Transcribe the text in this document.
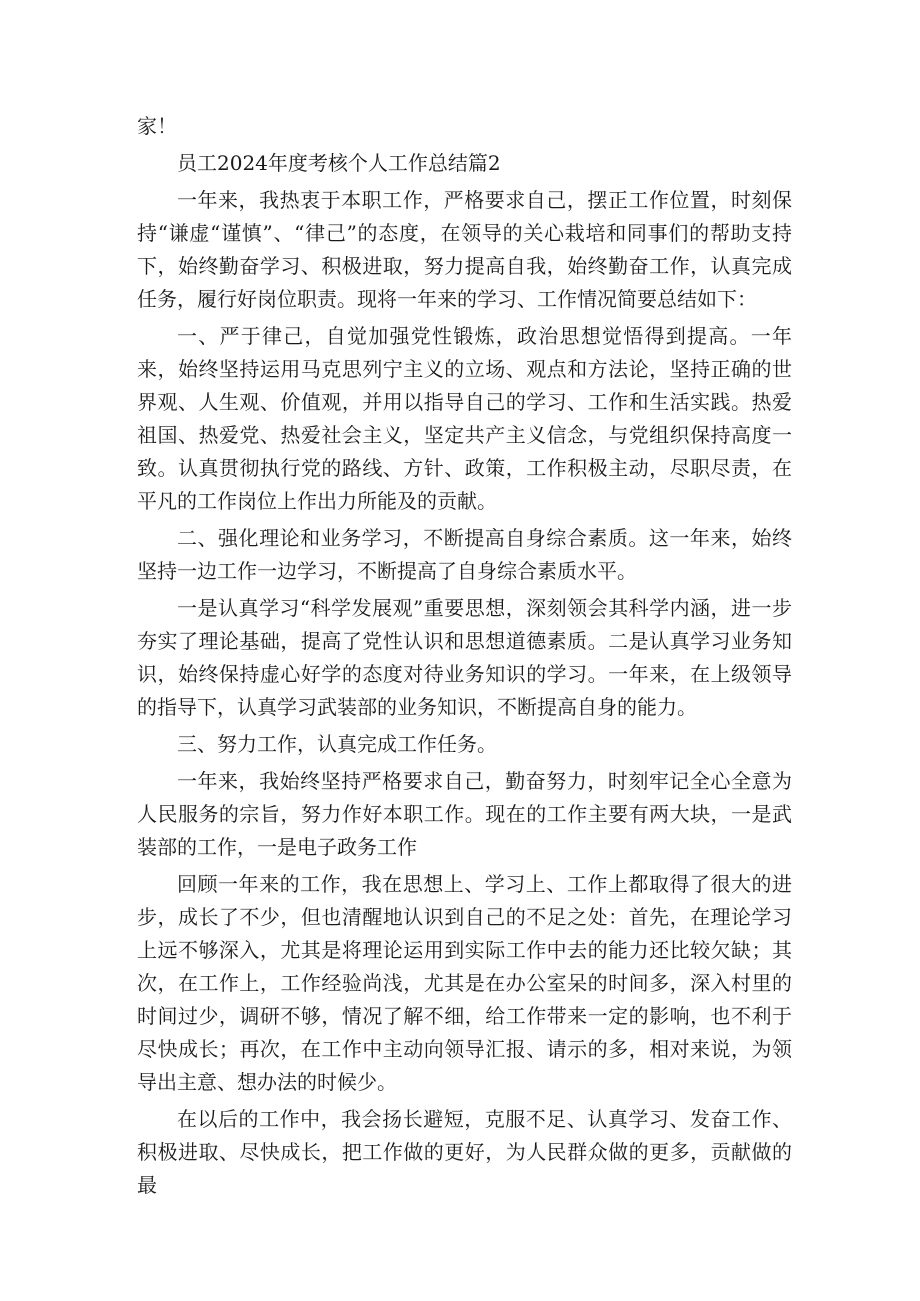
家！

员工2024年度考核个人工作总结篇2

一年来，我热衷于本职工作，严格要求自己，摆正工作位置，时刻保持“谦虚“谨慎”、“律己”的态度，在领导的关心栽培和同事们的帮助支持下，始终勤奋学习、积极进取，努力提高自我，始终勤奋工作，认真完成任务，履行好岗位职责。现将一年来的学习、工作情况简要总结如下：

一、严于律己，自觉加强党性锻炼，政治思想觉悟得到提高。一年来，始终坚持运用马克思列宁主义的立场、观点和方法论，坚持正确的世界观、人生观、价值观，并用以指导自己的学习、工作和生活实践。热爱祖国、热爱党、热爱社会主义，坚定共产主义信念，与党组织保持高度一致。认真贯彻执行党的路线、方针、政策，工作积极主动，尽职尽责，在平凡的工作岗位上作出力所能及的贡献。

二、强化理论和业务学习，不断提高自身综合素质。这一年来，始终坚持一边工作一边学习，不断提高了自身综合素质水平。

一是认真学习“科学发展观”重要思想，深刻领会其科学内涵，进一步夯实了理论基础，提高了党性认识和思想道德素质。二是认真学习业务知识，始终保持虚心好学的态度对待业务知识的学习。一年来，在上级领导的指导下，认真学习武装部的业务知识，不断提高自身的能力。

三、努力工作，认真完成工作任务。

一年来，我始终坚持严格要求自己，勤奋努力，时刻牢记全心全意为人民服务的宗旨，努力作好本职工作。现在的工作主要有两大块，一是武装部的工作，一是电子政务工作

回顾一年来的工作，我在思想上、学习上、工作上都取得了很大的进步，成长了不少，但也清醒地认识到自己的不足之处：首先，在理论学习上远不够深入，尤其是将理论运用到实际工作中去的能力还比较欠缺；其次，在工作上，工作经验尚浅，尤其是在办公室呆的时间多，深入村里的时间过少，调研不够，情况了解不细，给工作带来一定的影响，也不利于尽快成长；再次，在工作中主动向领导汇报、请示的多，相对来说，为领导出主意、想办法的时候少。

在以后的工作中，我会扬长避短，克服不足、认真学习、发奋工作、积极进取、尽快成长，把工作做的更好，为人民群众做的更多，贡献做的最
